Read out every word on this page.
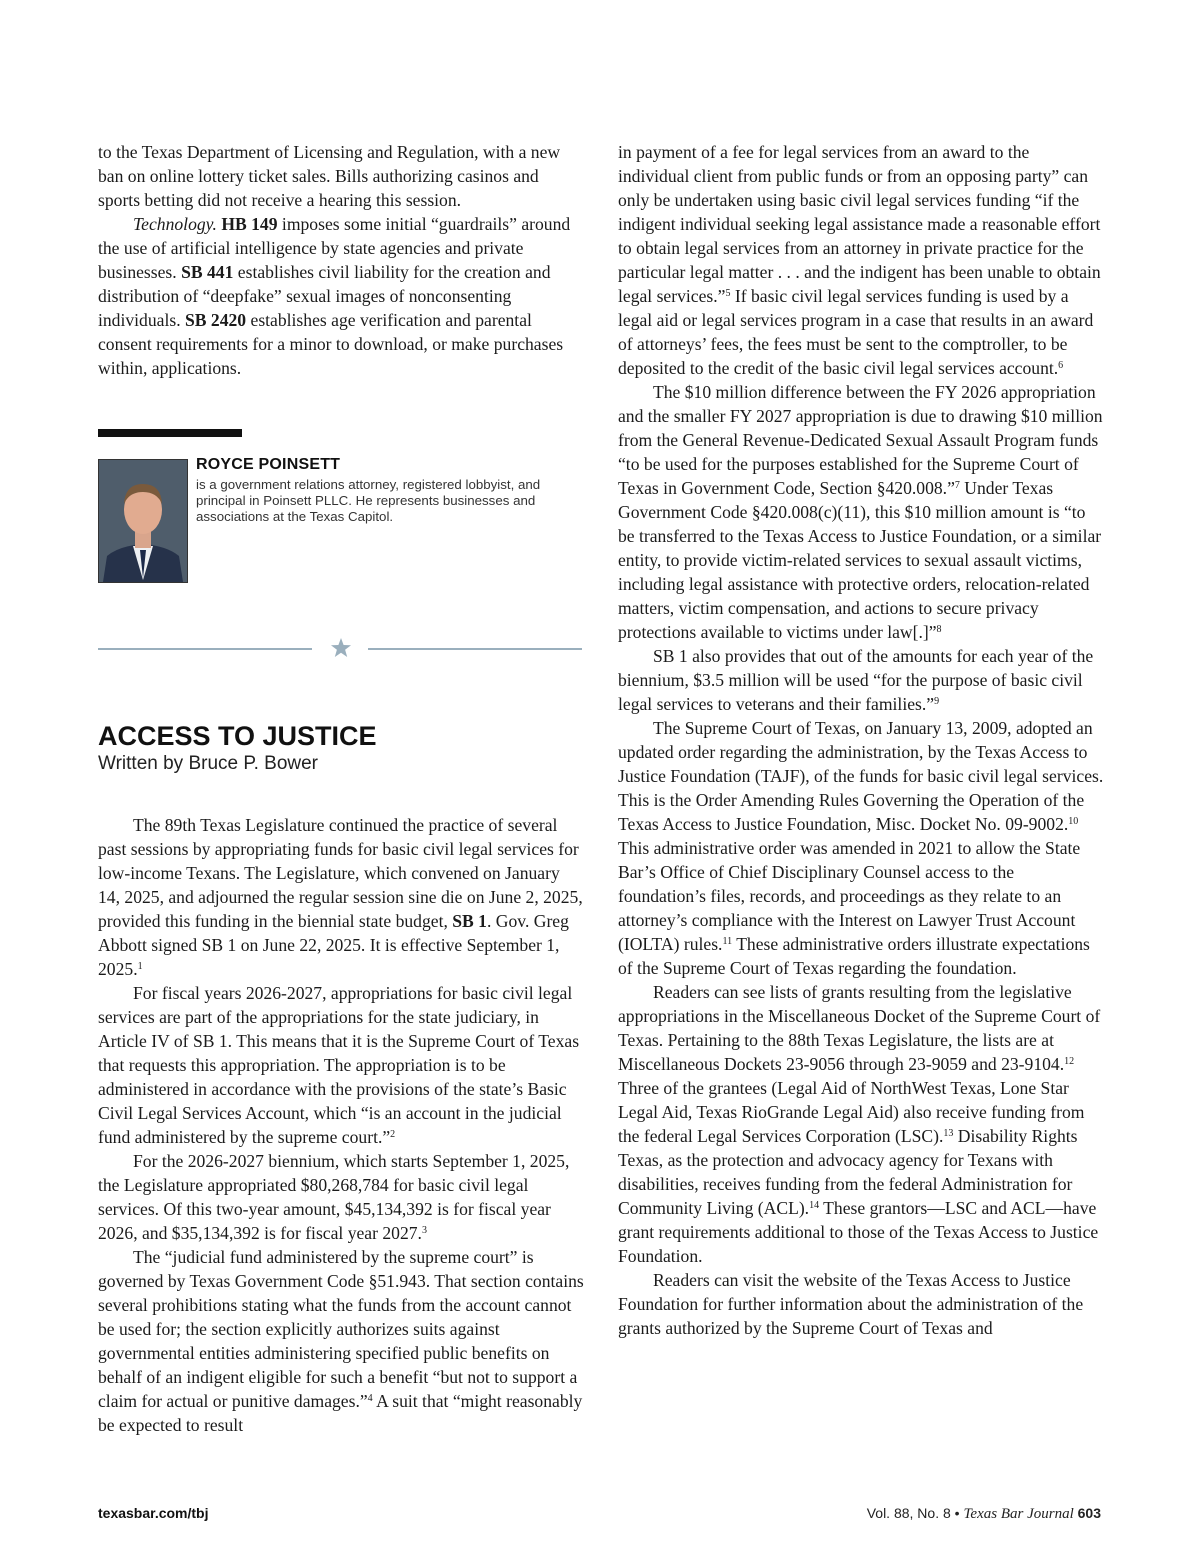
to the Texas Department of Licensing and Regulation, with a new ban on online lottery ticket sales. Bills authorizing casinos and sports betting did not receive a hearing this session.

Technology. HB 149 imposes some initial “guardrails” around the use of artificial intelligence by state agencies and private businesses. SB 441 establishes civil liability for the creation and distribution of “deepfake” sexual images of nonconsenting individuals. SB 2420 establishes age verification and parental consent requirements for a minor to download, or make purchases within, applications.

ROYCE POINSETT
is a government relations attorney, registered lobbyist, and principal in Poinsett PLLC. He represents businesses and associations at the Texas Capitol.
ACCESS TO JUSTICE
Written by Bruce P. Bower

The 89th Texas Legislature continued the practice of several past sessions by appropriating funds for basic civil legal services for low-income Texans. The Legislature, which convened on January 14, 2025, and adjourned the regular session sine die on June 2, 2025, provided this funding in the biennial state budget, SB 1. Gov. Greg Abbott signed SB 1 on June 22, 2025. It is effective September 1, 2025.$^1$

For fiscal years 2026-2027, appropriations for basic civil legal services are part of the appropriations for the state judiciary, in Article IV of SB 1. This means that it is the Supreme Court of Texas that requests this appropriation. The appropriation is to be administered in accordance with the provisions of the state’s Basic Civil Legal Services Account, which “is an account in the judicial fund administered by the supreme court.”$^2$

For the 2026-2027 biennium, which starts September 1, 2025, the Legislature appropriated $80,268,784 for basic civil legal services. Of this two-year amount, $45,134,392 is for fiscal year 2026, and $35,134,392 is for fiscal year 2027.$^3$

The “judicial fund administered by the supreme court” is governed by Texas Government Code §51.943. That section contains several prohibitions stating what the funds from the account cannot be used for; the section explicitly authorizes suits against governmental entities administering specified public benefits on behalf of an indigent eligible for such a benefit “but not to support a claim for actual or punitive damages.”$^4$ A suit that “might reasonably be expected to result

in payment of a fee for legal services from an award to the individual client from public funds or from an opposing party” can only be undertaken using basic civil legal services funding “if the indigent individual seeking legal assistance made a reasonable effort to obtain legal services from an attorney in private practice for the particular legal matter . . . and the indigent has been unable to obtain legal services.”$^5$ If basic civil legal services funding is used by a legal aid or legal services program in a case that results in an award of attorneys’ fees, the fees must be sent to the comptroller, to be deposited to the credit of the basic civil legal services account.$^6$

The $10 million difference between the FY 2026 appropriation and the smaller FY 2027 appropriation is due to drawing $10 million from the General Revenue-Dedicated Sexual Assault Program funds “to be used for the purposes established for the Supreme Court of Texas in Government Code, Section §420.008.”$^7$ Under Texas Government Code §420.008(c)(11), this $10 million amount is “to be transferred to the Texas Access to Justice Foundation, or a similar entity, to provide victim-related services to sexual assault victims, including legal assistance with protective orders, relocation-related matters, victim compensation, and actions to secure privacy protections available to victims under law[.]”$^8$

SB 1 also provides that out of the amounts for each year of the biennium, $3.5 million will be used “for the purpose of basic civil legal services to veterans and their families.”$^9$

The Supreme Court of Texas, on January 13, 2009, adopted an updated order regarding the administration, by the Texas Access to Justice Foundation (TAJF), of the funds for basic civil legal services. This is the Order Amending Rules Governing the Operation of the Texas Access to Justice Foundation, Misc. Docket No. 09-9002.10 This administrative order was amended in 2021 to allow the State Bar’s Office of Chief Disciplinary Counsel access to the foundation’s files, records, and proceedings as they relate to an attorney’s compliance with the Interest on Lawyer Trust Account (IOLTA) rules.$^{11}$ These administrative orders illustrate expectations of the Supreme Court of Texas regarding the foundation.

Readers can see lists of grants resulting from the legislative appropriations in the Miscellaneous Docket of the Supreme Court of Texas. Pertaining to the 88th Texas Legislature, the lists are at Miscellaneous Dockets 23-9056 through 23-9059 and 23-9104.12 Three of the grantees (Legal Aid of NorthWest Texas, Lone Star Legal Aid, Texas RioGrande Legal Aid) also receive funding from the federal Legal Services Corporation (LSC).$^{13}$ Disability Rights Texas, as the protection and advocacy agency for Texans with disabilities, receives funding from the federal Administration for Community Living (ACL).$^{14}$ These grantors—LSC and ACL—have grant requirements additional to those of the Texas Access to Justice Foundation.

Readers can visit the website of the Texas Access to Justice Foundation for further information about the administration of the grants authorized by the Supreme Court of Texas and

texasbar.com/tbj	Vol. 88, No. 8 • Texas Bar Journal 603
